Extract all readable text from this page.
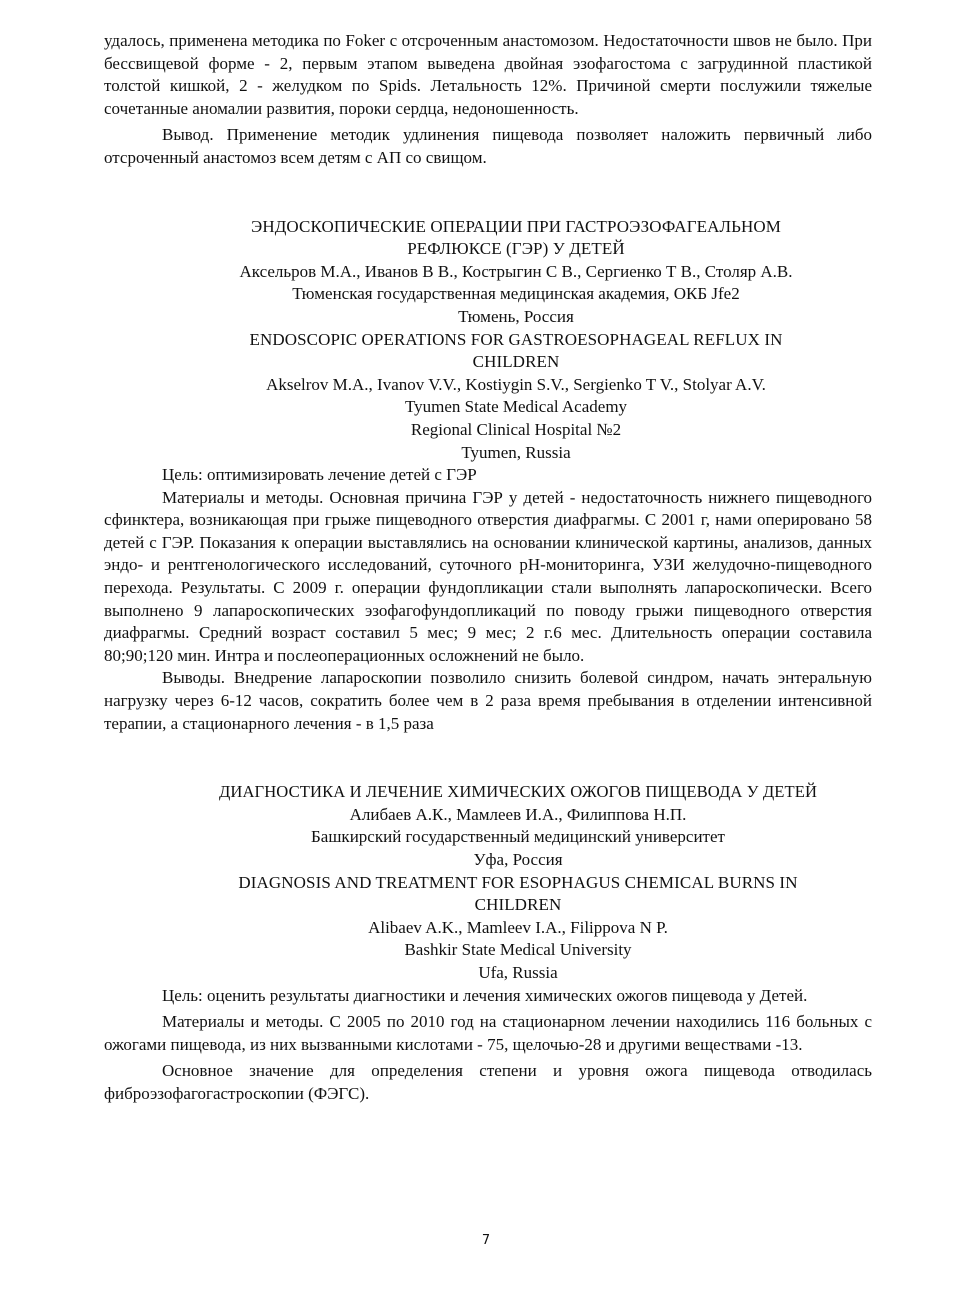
удалось, применена методика по Foker с отсроченным анастомозом. Недостаточности швов не было. При бессвищевой форме - 2, первым этапом выведена двойная эзофагостома с загрудинной пластикой толстой кишкой, 2 - желудком по Spids. Летальность 12%. Причиной смерти послужили тяжелые сочетанные аномалии развития, пороки сердца, недоношенность.

Вывод. Применение методик удлинения пищевода позволяет наложить первичный либо отсроченный анастомоз всем детям с АП со свищом.

ЭНДОСКОПИЧЕСКИЕ ОПЕРАЦИИ ПРИ ГАСТРОЭЗОФАГЕАЛЬНОМ
РЕФЛЮКСЕ (ГЭР) У ДЕТЕЙ
Аксельров М.А., Иванов В В., Кострыгин С В., Сергиенко Т В., Столяр А.В.
Тюменская государственная медицинская академия, ОКБ Jfe2
Тюмень, Россия
ENDOSCOPIC OPERATIONS FOR GASTROESOPHAGEAL REFLUX IN
CHILDREN
Akselrov M.A., Ivanov V.V., Kostiygin S.V., Sergienko T V., Stolyar A.V.
Tyumen State Medical Academy
Regional Clinical Hospital №2
Tyumen, Russia

Цель: оптимизировать лечение детей с ГЭР

Материалы и методы. Основная причина ГЭР у детей - недостаточность нижнего пищеводного сфинктера, возникающая при грыже пищеводного отверстия диафрагмы. С 2001 г, нами оперировано 58 детей с ГЭР. Показания к операции выставлялись на основании клинической картины, анализов, данных эндо- и рентгенологического исследований, суточного рН-мониторинга, УЗИ желудочно-пищеводного перехода. Результаты. С 2009 г. операции фундопликации стали выполнять лапароскопически. Всего выполнено 9 лапароскопических эзофагофундопликаций по поводу грыжи пищеводного отверстия диафрагмы. Средний возраст составил 5 мес; 9 мес; 2 г.6 мес. Длительность операции составила 80;90;120 мин. Интра и послеоперационных осложнений не было.

Выводы. Внедрение лапароскопии позволило снизить болевой синдром, начать энтеральную нагрузку через 6-12 часов, сократить более чем в 2 раза время пребывания в отделении интенсивной терапии, а стационарного лечения - в 1,5 раза

ДИАГНОСТИКА И ЛЕЧЕНИЕ ХИМИЧЕСКИХ ОЖОГОВ ПИЩЕВОДА У ДЕТЕЙ
Алибаев А.К., Мамлеев И.А., Филиппова Н.П.
Башкирский государственный медицинский университет
Уфа, Россия
DIAGNOSIS AND TREATMENT FOR ESOPHAGUS CHEMICAL BURNS IN
CHILDREN
Alibaev A.K., Mamleev I.A., Filippova N P.
Bashkir State Medical University
Ufa, Russia

Цель: оценить результаты диагностики и лечения химических ожогов пищевода у Детей.

Материалы и методы. С 2005 по 2010 год на стационарном лечении находились 116 больных с ожогами пищевода, из них вызванными кислотами - 75, щелочью-28 и другими веществами -13.

Основное значение для определения степени и уровня ожога пищевода отводилась фиброэзофагогастроскопии (ФЭГС).

7
